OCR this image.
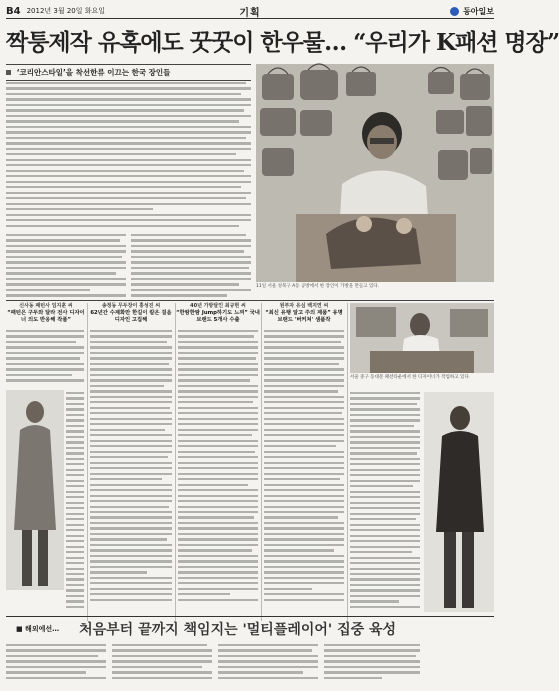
B4 2012년 3월 20일 화요일	기획	동아일보
짝퉁제작 유혹에도 꿋꿋이 한우물… “우리가 K패션 명장”
‘코리안스타일’을 착선한류 이끄는 한국 장인들
11일 서울 성북구 A동 공방에서 한 장인이 가방을 만들고 있다.
신사동 패턴사 임지훈 씨
“패턴은 구두와 달라 전사 디자이너 의도 반응해 작품”
송정동 무두장이 홍성진 씨
62년간 수제화만 한길이 칼온 걸음 디자인 고집해
40년 가방달인 최규현 씨
“한땀한땀 Jump하기도 느껴” 국내 브랜드 5개사 수출
원부자 유심 백지연 씨
“최신 유행 알고 주의 제품” 유명 브랜드 '버커쳐' 샘플작
서울 중구 동대문 패션타운에서 한 디자이너가 작업하고 있다.
■ 해외에선… 처음부터 끝까지 책임지는 '멀티플레이어' 집중 육성
